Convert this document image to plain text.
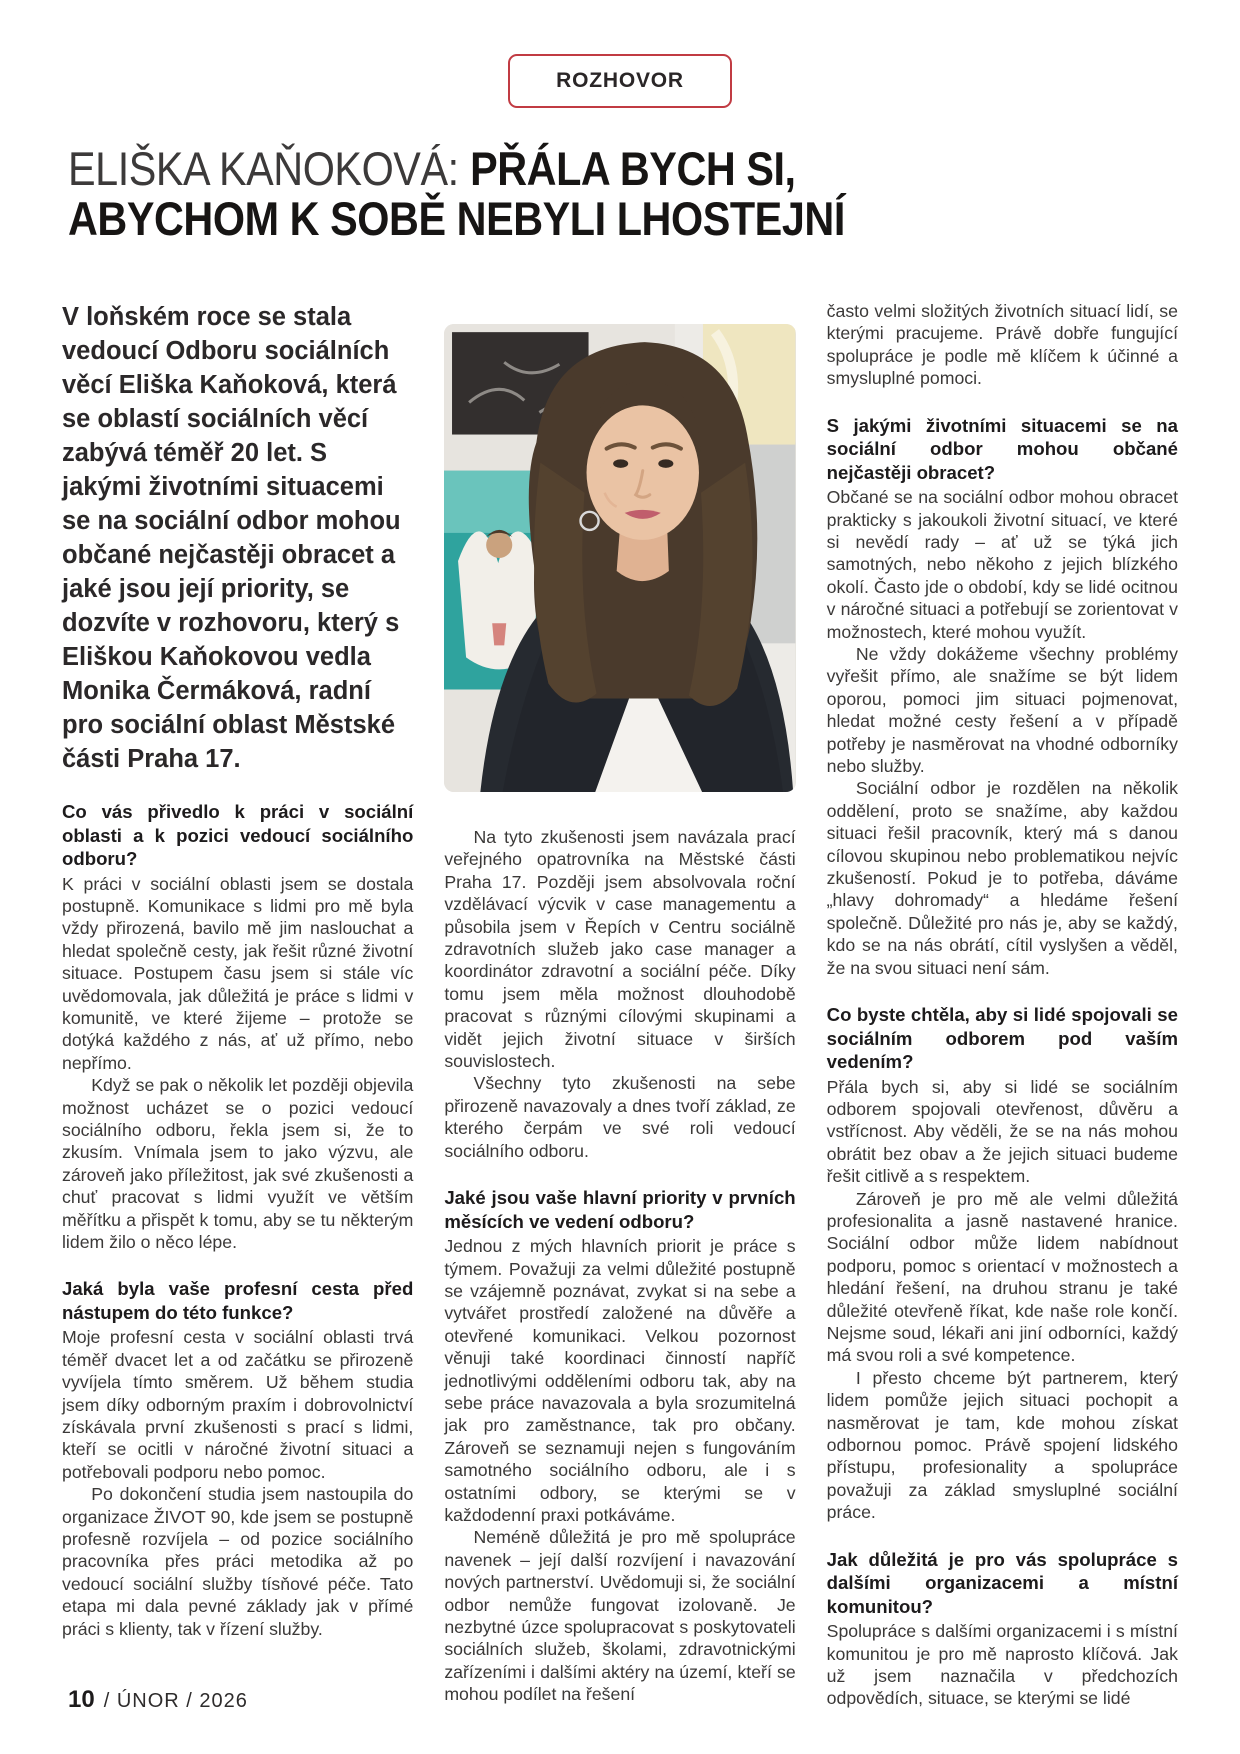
ROZHOVOR
ELIŠKA KAŇOKOVÁ: PŘÁLA BYCH SI,
ABYCHOM K SOBĚ NEBYLI LHOSTEJNÍ

V loňském roce se stala vedoucí Odboru sociálních věcí Eliška Kaňoková, která se oblastí sociálních věcí zabývá téměř 20 let. S jakými životními situacemi se na sociální odbor mohou občané nejčastěji obracet a jaké jsou její priority, se dozvíte v rozhovoru, který s Eliškou Kaňokovou vedla Monika Čermáková, radní pro sociální oblast Městské části Praha 17.

Co vás přivedlo k práci v sociální oblasti a k pozici vedoucí sociálního odboru?

K práci v sociální oblasti jsem se dostala postupně. Komunikace s lidmi pro mě byla vždy přirozená, bavilo mě jim naslouchat a hledat společně cesty, jak řešit různé životní situace. Postupem času jsem si stále víc uvědomovala, jak důležitá je práce s lidmi v komunitě, ve které žijeme – protože se dotýká každého z nás, ať už přímo, nebo nepřímo.

Když se pak o několik let později objevila možnost ucházet se o pozici vedoucí sociálního odboru, řekla jsem si, že to zkusím. Vnímala jsem to jako výzvu, ale zároveň jako příležitost, jak své zkušenosti a chuť pracovat s lidmi využít ve větším měřítku a přispět k tomu, aby se tu některým lidem žilo o něco lépe.

Jaká byla vaše profesní cesta před nástupem do této funkce?

Moje profesní cesta v sociální oblasti trvá téměř dvacet let a od začátku se přirozeně vyvíjela tímto směrem. Už během studia jsem díky odborným praxím i dobrovolnictví získávala první zkušenosti s prací s lidmi, kteří se ocitli v náročné životní situaci a potřebovali podporu nebo pomoc.

Po dokončení studia jsem nastoupila do organizace ŽIVOT 90, kde jsem se postupně profesně rozvíjela – od pozice sociálního pracovníka přes práci metodika až po vedoucí sociální služby tísňové péče. Tato etapa mi dala pevné základy jak v přímé práci s klienty, tak v řízení služby.

Na tyto zkušenosti jsem navázala prací veřejného opatrovníka na Městské části Praha 17. Později jsem absolvovala roční vzdělávací výcvik v case managementu a působila jsem v Řepích v Centru sociálně zdravotních služeb jako case manager a koordinátor zdravotní a sociální péče. Díky tomu jsem měla možnost dlouhodobě pracovat s různými cílovými skupinami a vidět jejich životní situace v širších souvislostech.

Všechny tyto zkušenosti na sebe přirozeně navazovaly a dnes tvoří základ, ze kterého čerpám ve své roli vedoucí sociálního odboru.

Jaké jsou vaše hlavní priority v prvních měsících ve vedení odboru?

Jednou z mých hlavních priorit je práce s týmem. Považuji za velmi důležité postupně se vzájemně poznávat, zvykat si na sebe a vytvářet prostředí založené na důvěře a otevřené komunikaci. Velkou pozornost věnuji také koordinaci činností napříč jednotlivými odděleními odboru tak, aby na sebe práce navazovala a byla srozumitelná jak pro zaměstnance, tak pro občany. Zároveň se seznamuji nejen s fungováním samotného sociálního odboru, ale i s ostatními odbory, se kterými se v každodenní praxi potkáváme.

Neméně důležitá je pro mě spolupráce navenek – její další rozvíjení i navazování nových partnerství. Uvědomuji si, že sociální odbor nemůže fungovat izolovaně. Je nezbytné úzce spolupracovat s poskytovateli sociálních služeb, školami, zdravotnickými zařízeními i dalšími aktéry na území, kteří se mohou podílet na řešení

často velmi složitých životních situací lidí, se kterými pracujeme. Právě dobře fungující spolupráce je podle mě klíčem k účinné a smysluplné pomoci.

S jakými životními situacemi se na sociální odbor mohou občané nejčastěji obracet?

Občané se na sociální odbor mohou obracet prakticky s jakoukoli životní situací, ve které si nevědí rady – ať už se týká jich samotných, nebo někoho z jejich blízkého okolí. Často jde o období, kdy se lidé ocitnou v náročné situaci a potřebují se zorientovat v možnostech, které mohou využít.

Ne vždy dokážeme všechny problémy vyřešit přímo, ale snažíme se být lidem oporou, pomoci jim situaci pojmenovat, hledat možné cesty řešení a v případě potřeby je nasměrovat na vhodné odborníky nebo služby.

Sociální odbor je rozdělen na několik oddělení, proto se snažíme, aby každou situaci řešil pracovník, který má s danou cílovou skupinou nebo problematikou nejvíc zkušeností. Pokud je to potřeba, dáváme „hlavy dohromady“ a hledáme řešení společně. Důležité pro nás je, aby se každý, kdo se na nás obrátí, cítil vyslyšen a věděl, že na svou situaci není sám.

Co byste chtěla, aby si lidé spojovali se sociálním odborem pod vaším vedením?

Přála bych si, aby si lidé se sociálním odborem spojovali otevřenost, důvěru a vstřícnost. Aby věděli, že se na nás mohou obrátit bez obav a že jejich situaci budeme řešit citlivě a s respektem.

Zároveň je pro mě ale velmi důležitá profesionalita a jasně nastavené hranice. Sociální odbor může lidem nabídnout podporu, pomoc s orientací v možnostech a hledání řešení, na druhou stranu je také důležité otevřeně říkat, kde naše role končí. Nejsme soud, lékaři ani jiní odborníci, každý má svou roli a své kompetence.

I přesto chceme být partnerem, který lidem pomůže jejich situaci pochopit a nasměrovat je tam, kde mohou získat odbornou pomoc. Právě spojení lidského přístupu, profesionality a spolupráce považuji za základ smysluplné sociální práce.

Jak důležitá je pro vás spolupráce s dalšími organizacemi a místní komunitou?

Spolupráce s dalšími organizacemi i s místní komunitou je pro mě naprosto klíčová. Jak už jsem naznačila v předchozích odpovědích, situace, se kterými se lidé

10 / ÚNOR / 2026
